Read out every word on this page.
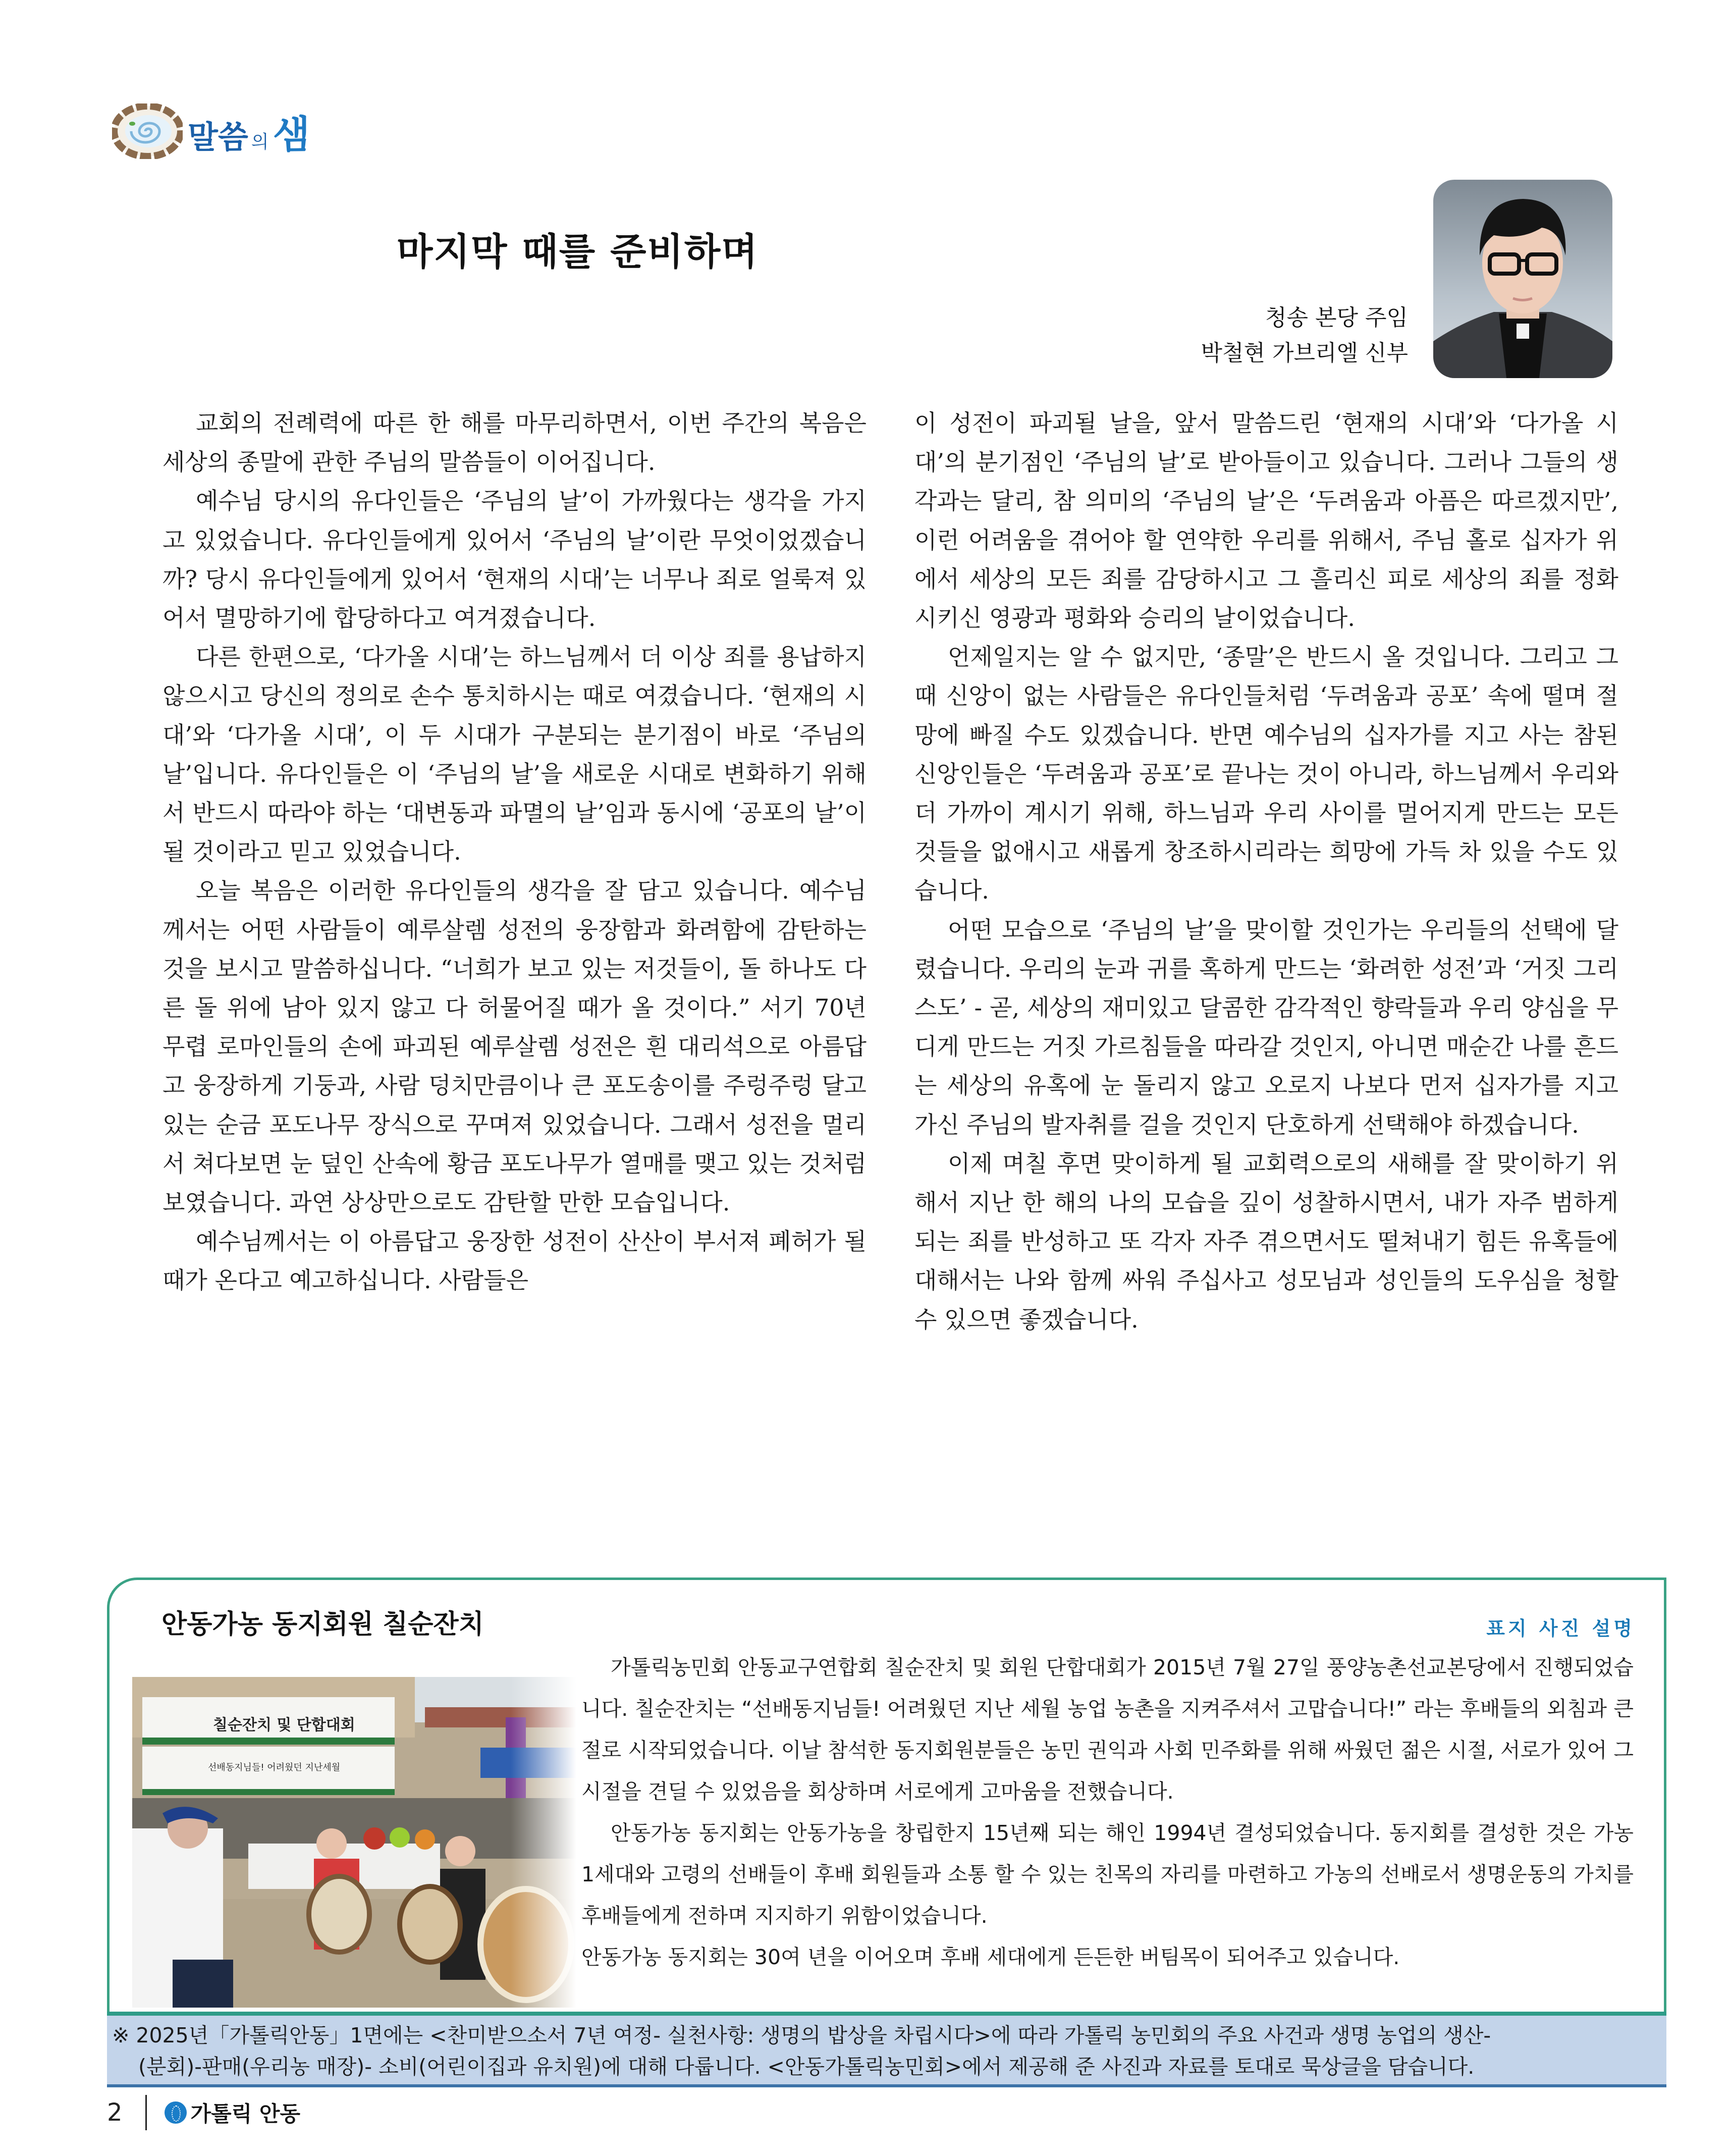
말씀 의 샘
마지막 때를 준비하며
청송 본당 주임
박철현 가브리엘 신부

교회의 전례력에 따른 한 해를 마무리하면서, 이번 주간의 복음은 세상의 종말에 관한 주님의 말씀들이 이어집니다.

예수님 당시의 유다인들은 ‘주님의 날’이 가까웠다는 생각을 가지고 있었습니다. 유다인들에게 있어서 ‘주님의 날’이란 무엇이었겠습니까? 당시 유다인들에게 있어서 ‘현재의 시대’는 너무나 죄로 얼룩져 있어서 멸망하기에 합당하다고 여겨졌습니다.

다른 한편으로, ‘다가올 시대’는 하느님께서 더 이상 죄를 용납하지 않으시고 당신의 정의로 손수 통치하시는 때로 여겼습니다. ‘현재의 시대’와 ‘다가올 시대’, 이 두 시대가 구분되는 분기점이 바로 ‘주님의 날’입니다. 유다인들은 이 ‘주님의 날’을 새로운 시대로 변화하기 위해서 반드시 따라야 하는 ‘대변동과 파멸의 날’임과 동시에 ‘공포의 날’이 될 것이라고 믿고 있었습니다.

오늘 복음은 이러한 유다인들의 생각을 잘 담고 있습니다. 예수님께서는 어떤 사람들이 예루살렘 성전의 웅장함과 화려함에 감탄하는 것을 보시고 말씀하십니다. “너희가 보고 있는 저것들이, 돌 하나도 다른 돌 위에 남아 있지 않고 다 허물어질 때가 올 것이다.” 서기 70년 무렵 로마인들의 손에 파괴된 예루살렘 성전은 흰 대리석으로 아름답고 웅장하게 기둥과, 사람 덩치만큼이나 큰 포도송이를 주렁주렁 달고 있는 순금 포도나무 장식으로 꾸며져 있었습니다. 그래서 성전을 멀리서 쳐다보면 눈 덮인 산속에 황금 포도나무가 열매를 맺고 있는 것처럼 보였습니다. 과연 상상만으로도 감탄할 만한 모습입니다.

예수님께서는 이 아름답고 웅장한 성전이 산산이 부서져 폐허가 될 때가 온다고 예고하십니다. 사람들은

이 성전이 파괴될 날을, 앞서 말씀드린 ‘현재의 시대’와 ‘다가올 시대’의 분기점인 ‘주님의 날’로 받아들이고 있습니다. 그러나 그들의 생각과는 달리, 참 의미의 ‘주님의 날’은 ‘두려움과 아픔은 따르겠지만’, 이런 어려움을 겪어야 할 연약한 우리를 위해서, 주님 홀로 십자가 위에서 세상의 모든 죄를 감당하시고 그 흘리신 피로 세상의 죄를 정화 시키신 영광과 평화와 승리의 날이었습니다.

언제일지는 알 수 없지만, ‘종말’은 반드시 올 것입니다. 그리고 그때 신앙이 없는 사람들은 유다인들처럼 ‘두려움과 공포’ 속에 떨며 절망에 빠질 수도 있겠습니다. 반면 예수님의 십자가를 지고 사는 참된 신앙인들은 ‘두려움과 공포’로 끝나는 것이 아니라, 하느님께서 우리와 더 가까이 계시기 위해, 하느님과 우리 사이를 멀어지게 만드는 모든 것들을 없애시고 새롭게 창조하시리라는 희망에 가득 차 있을 수도 있습니다.

어떤 모습으로 ‘주님의 날’을 맞이할 것인가는 우리들의 선택에 달렸습니다. 우리의 눈과 귀를 혹하게 만드는 ‘화려한 성전’과 ‘거짓 그리스도’ - 곧, 세상의 재미있고 달콤한 감각적인 향락들과 우리 양심을 무디게 만드는 거짓 가르침들을 따라갈 것인지, 아니면 매순간 나를 흔드는 세상의 유혹에 눈 돌리지 않고 오로지 나보다 먼저 십자가를 지고 가신 주님의 발자취를 걸을 것인지 단호하게 선택해야 하겠습니다.

이제 며칠 후면 맞이하게 될 교회력으로의 새해를 잘 맞이하기 위해서 지난 한 해의 나의 모습을 깊이 성찰하시면서, 내가 자주 범하게 되는 죄를 반성하고 또 각자 자주 겪으면서도 떨쳐내기 힘든 유혹들에 대해서는 나와 함께 싸워 주십사고 성모님과 성인들의 도우심을 청할 수 있으면 좋겠습니다.

안동가농 동지회원 칠순잔치	표지 사진 설명
칠순잔치 및 단합대회
선배동지님들! 어려웠던 지난세월

가톨릭농민회 안동교구연합회 칠순잔치 및 회원 단합대회가 2015년 7월 27일 풍양농촌선교본당에서 진행되었습니다. 칠순잔치는 “선배동지님들! 어려웠던 지난 세월 농업 농촌을 지켜주셔서 고맙습니다!” 라는 후배들의 외침과 큰절로 시작되었습니다. 이날 참석한 동지회원분들은 농민 권익과 사회 민주화를 위해 싸웠던 젊은 시절, 서로가 있어 그 시절을 견딜 수 있었음을 회상하며 서로에게 고마움을 전했습니다.

안동가농 동지회는 안동가농을 창립한지 15년째 되는 해인 1994년 결성되었습니다. 동지회를 결성한 것은 가농 1세대와 고령의 선배들이 후배 회원들과 소통 할 수 있는 친목의 자리를 마련하고 가농의 선배로서 생명운동의 가치를 후배들에게 전하며 지지하기 위함이었습니다.

안동가농 동지회는 30여 년을 이어오며 후배 세대에게 든든한 버팀목이 되어주고 있습니다.

※ 2025년「가톨릭안동」1면에는 <찬미받으소서 7년 여정- 실천사항: 생명의 밥상을 차립시다>에 따라 가톨릭 농민회의 주요 사건과 생명 농업의 생산-
(분회)-판매(우리농 매장)- 소비(어린이집과 유치원)에 대해 다룹니다. <안동가톨릭농민회>에서 제공해 준 사진과 자료를 토대로 묵상글을 담습니다.
2	가톨릭 안동
